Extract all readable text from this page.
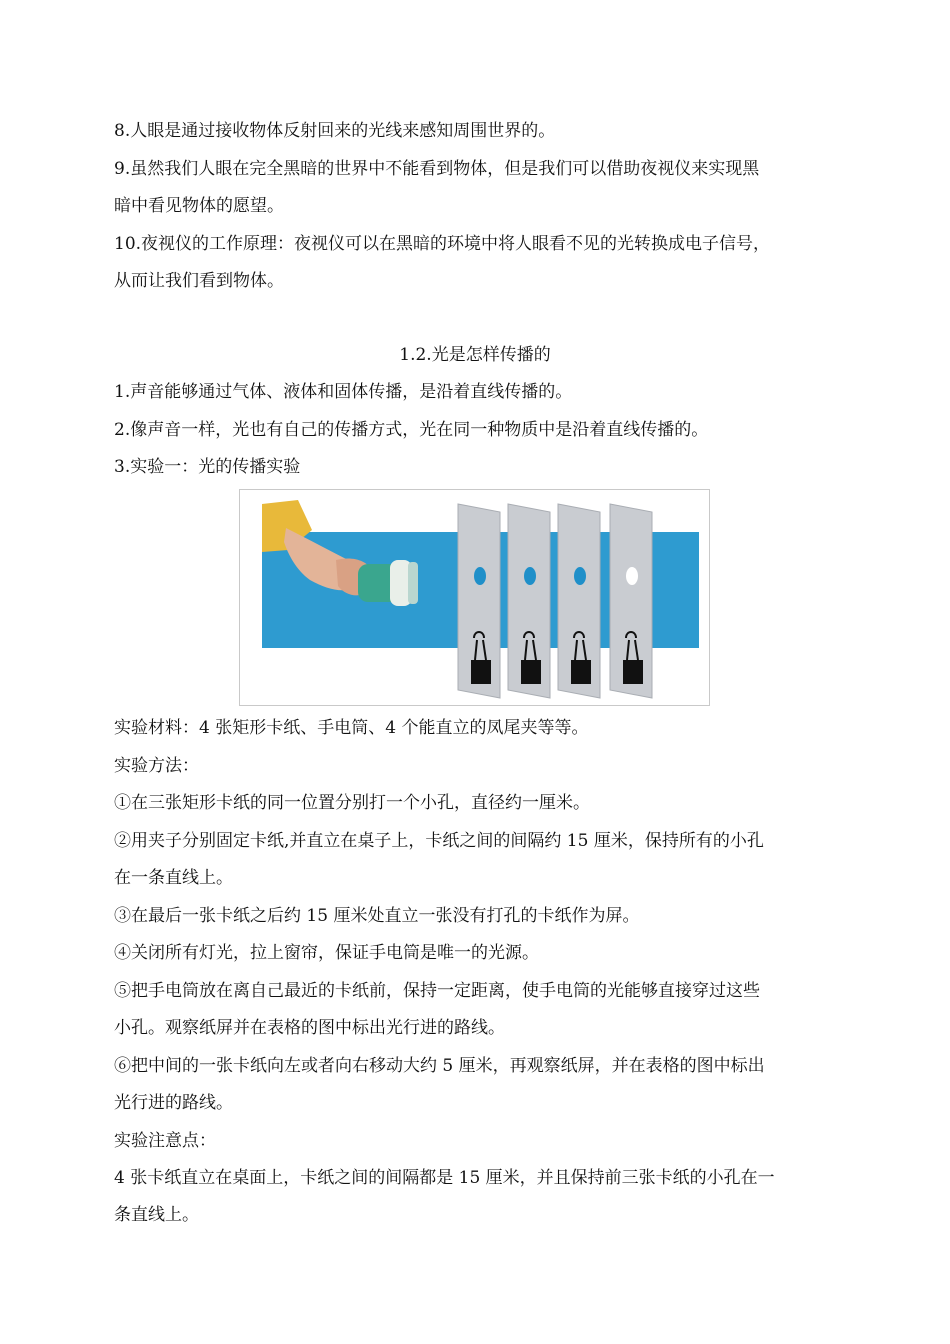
8.人眼是通过接收物体反射回来的光线来感知周围世界的。
9.虽然我们人眼在完全黑暗的世界中不能看到物体，但是我们可以借助夜视仪来实现黑
暗中看见物体的愿望。
10.夜视仪的工作原理：夜视仪可以在黑暗的环境中将人眼看不见的光转换成电子信号，
从而让我们看到物体。
1.2.光是怎样传播的
1.声音能够通过气体、液体和固体传播，是沿着直线传播的。
2.像声音一样，光也有自己的传播方式，光在同一种物质中是沿着直线传播的。
3.实验一：光的传播实验
实验材料：4 张矩形卡纸、手电筒、4 个能直立的凤尾夹等等。
实验方法：
①在三张矩形卡纸的同一位置分别打一个小孔，直径约一厘米。
②用夹子分别固定卡纸,并直立在桌子上，卡纸之间的间隔约 15 厘米，保持所有的小孔
在一条直线上。
③在最后一张卡纸之后约 15 厘米处直立一张没有打孔的卡纸作为屏。
④关闭所有灯光，拉上窗帘，保证手电筒是唯一的光源。
⑤把手电筒放在离自己最近的卡纸前，保持一定距离，使手电筒的光能够直接穿过这些
小孔。观察纸屏并在表格的图中标出光行进的路线。
⑥把中间的一张卡纸向左或者向右移动大约 5 厘米，再观察纸屏，并在表格的图中标出
光行进的路线。
实验注意点：
4 张卡纸直立在桌面上，卡纸之间的间隔都是 15 厘米，并且保持前三张卡纸的小孔在一
条直线上。
